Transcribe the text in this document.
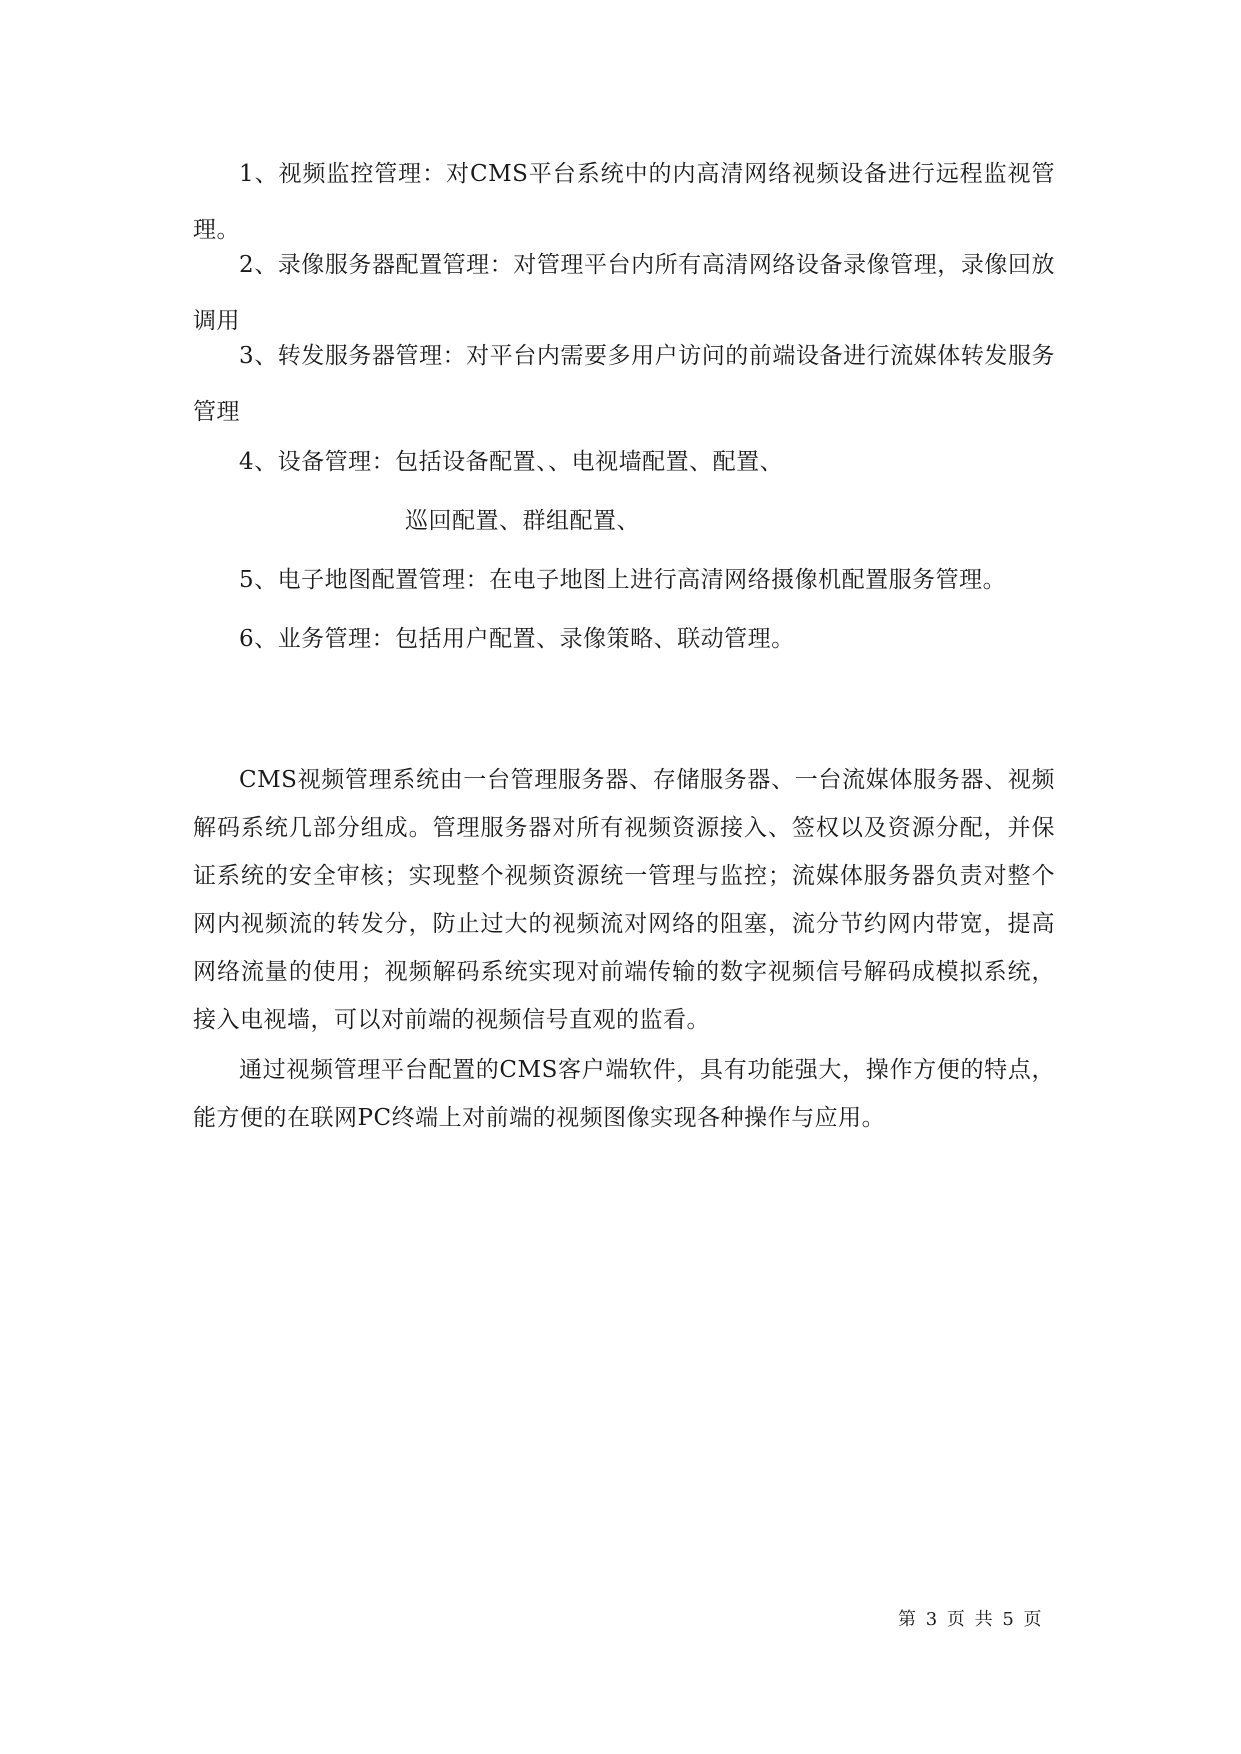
1、视频监控管理：对CMS平台系统中的内高清网络视频设备进行远程监视管理。

2、录像服务器配置管理：对管理平台内所有高清网络设备录像管理，录像回放调用

3、转发服务器管理：对平台内需要多用户访问的前端设备进行流媒体转发服务管理

4、设备管理：包括设备配置、、电视墙配置、配置、

巡回配置、群组配置、

5、电子地图配置管理：在电子地图上进行高清网络摄像机配置服务管理。

6、业务管理：包括用户配置、录像策略、联动管理。

CMS视频管理系统由一台管理服务器、存储服务器、一台流媒体服务器、视频解码系统几部分组成。管理服务器对所有视频资源接入、签权以及资源分配，并保证系统的安全审核；实现整个视频资源统一管理与监控；流媒体服务器负责对整个网内视频流的转发分，防止过大的视频流对网络的阻塞，流分节约网内带宽，提高网络流量的使用；视频解码系统实现对前端传输的数字视频信号解码成模拟系统，接入电视墙，可以对前端的视频信号直观的监看。

通过视频管理平台配置的CMS客户端软件，具有功能强大，操作方便的特点，能方便的在联网PC终端上对前端的视频图像实现各种操作与应用。

第 3 页 共 5 页
